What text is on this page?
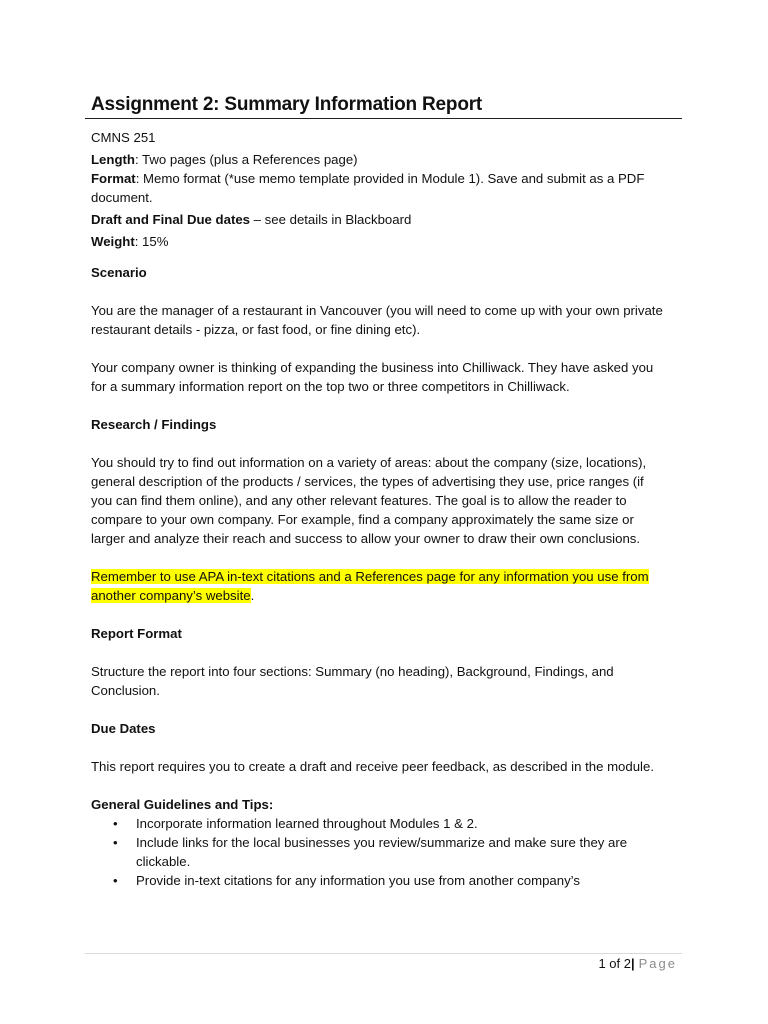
Assignment 2: Summary Information Report

CMNS 251

Length: Two pages (plus a References page)

Format: Memo format (*use memo template provided in Module 1). Save and submit as a PDF document.

Draft and Final Due dates – see details in Blackboard

Weight: 15%

Scenario

You are the manager of a restaurant in Vancouver (you will need to come up with your own private restaurant details - pizza, or fast food, or fine dining etc).

Your company owner is thinking of expanding the business into Chilliwack. They have asked you for a summary information report on the top two or three competitors in Chilliwack.

Research / Findings

You should try to find out information on a variety of areas: about the company (size, locations), general description of the products / services, the types of advertising they use, price ranges (if you can find them online), and any other relevant features. The goal is to allow the reader to compare to your own company. For example, find a company approximately the same size or larger and analyze their reach and success to allow your owner to draw their own conclusions.

Remember to use APA in-text citations and a References page for any information you use from another company’s website.

Report Format

Structure the report into four sections: Summary (no heading), Background, Findings, and Conclusion.

Due Dates

This report requires you to create a draft and receive peer feedback, as described in the module.

General Guidelines and Tips:

• Incorporate information learned throughout Modules 1 & 2.
• Include links for the local businesses you review/summarize and make sure they are clickable.
• Provide in-text citations for any information you use from another company’s
1 of 2| Page
